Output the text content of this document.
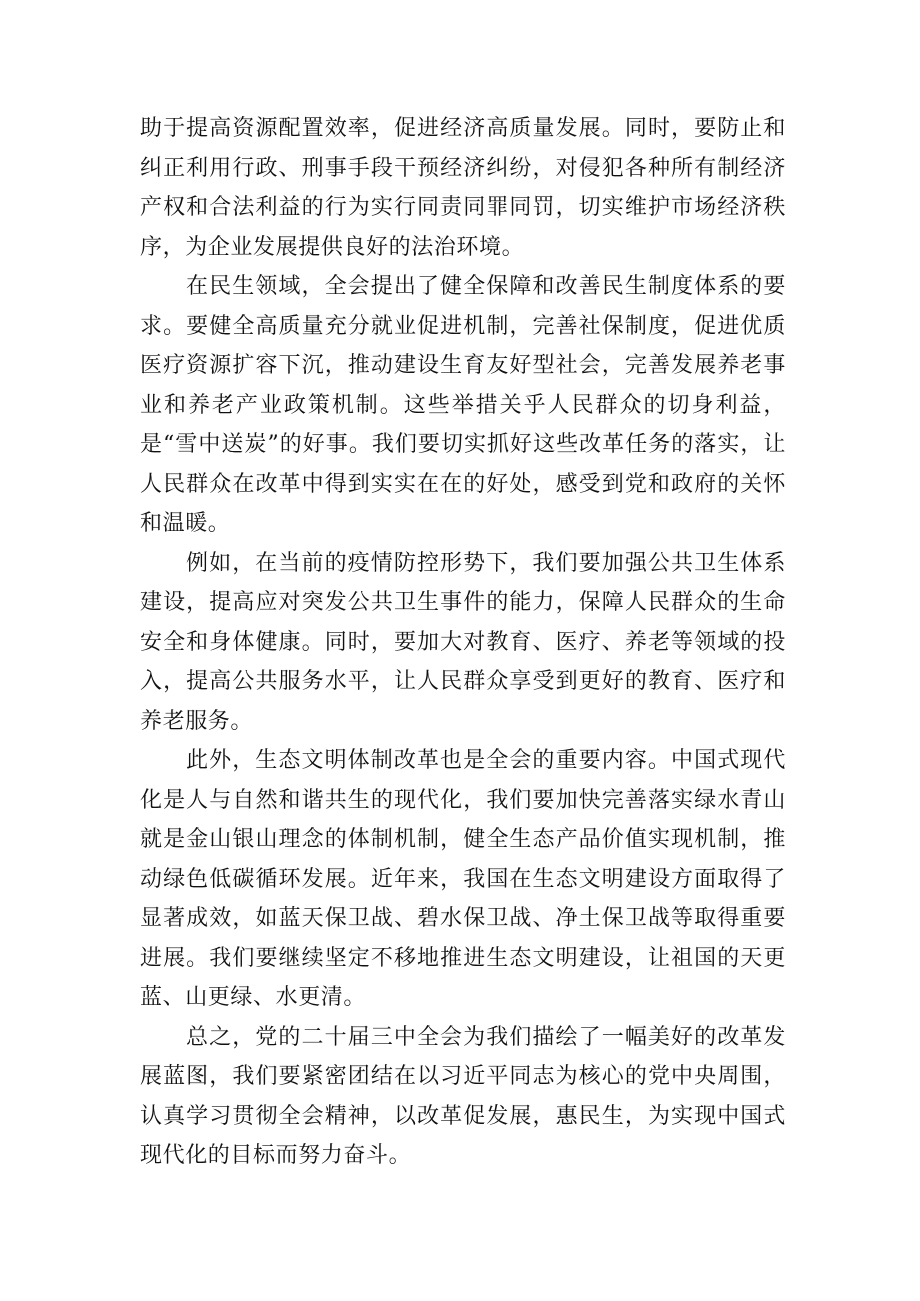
助于提高资源配置效率，促进经济高质量发展。同时，要防止和纠正利用行政、刑事手段干预经济纠纷，对侵犯各种所有制经济产权和合法利益的行为实行同责同罪同罚，切实维护市场经济秩序，为企业发展提供良好的法治环境。

在民生领域，全会提出了健全保障和改善民生制度体系的要求。要健全高质量充分就业促进机制，完善社保制度，促进优质医疗资源扩容下沉，推动建设生育友好型社会，完善发展养老事业和养老产业政策机制。这些举措关乎人民群众的切身利益，是“雪中送炭”的好事。我们要切实抓好这些改革任务的落实，让人民群众在改革中得到实实在在的好处，感受到党和政府的关怀和温暖。

例如，在当前的疫情防控形势下，我们要加强公共卫生体系建设，提高应对突发公共卫生事件的能力，保障人民群众的生命安全和身体健康。同时，要加大对教育、医疗、养老等领域的投入，提高公共服务水平，让人民群众享受到更好的教育、医疗和养老服务。

此外，生态文明体制改革也是全会的重要内容。中国式现代化是人与自然和谐共生的现代化，我们要加快完善落实绿水青山就是金山银山理念的体制机制，健全生态产品价值实现机制，推动绿色低碳循环发展。近年来，我国在生态文明建设方面取得了显著成效，如蓝天保卫战、碧水保卫战、净土保卫战等取得重要进展。我们要继续坚定不移地推进生态文明建设，让祖国的天更蓝、山更绿、水更清。

总之，党的二十届三中全会为我们描绘了一幅美好的改革发展蓝图，我们要紧密团结在以习近平同志为核心的党中央周围，认真学习贯彻全会精神，以改革促发展，惠民生，为实现中国式现代化的目标而努力奋斗。
